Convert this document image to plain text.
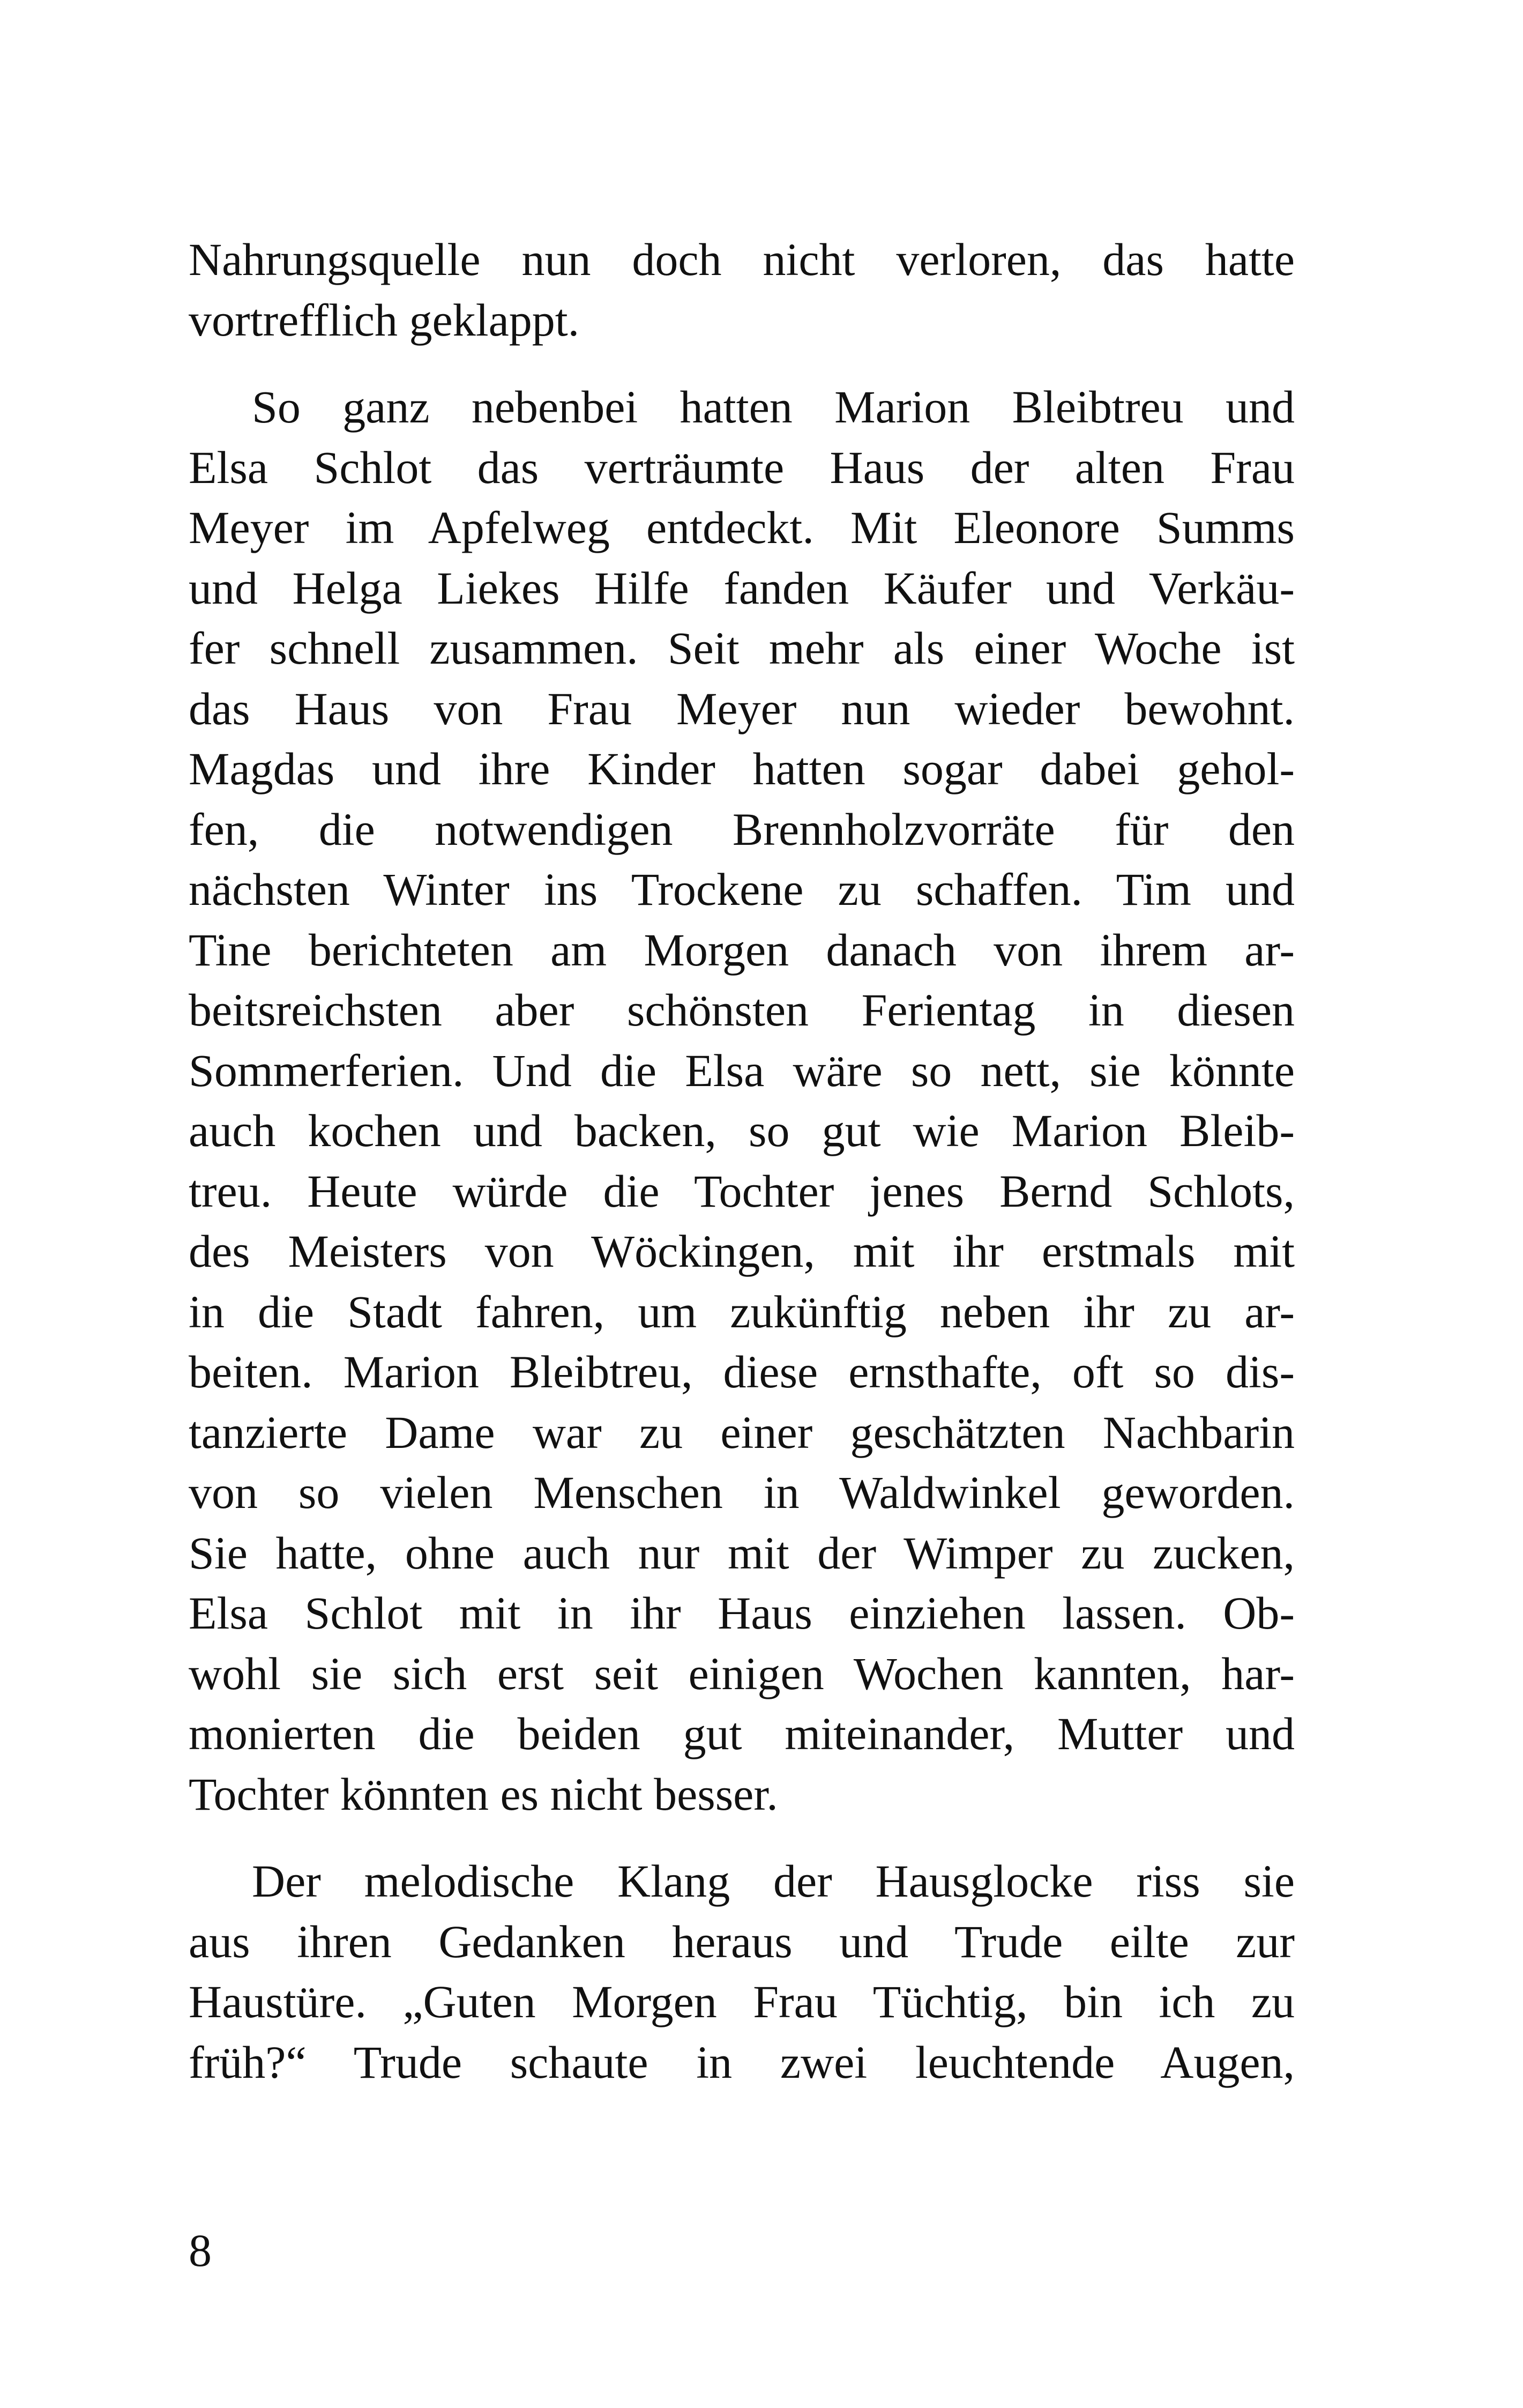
Nahrungsquelle nun doch nicht verloren, das hatte
vortrefflich geklappt.
So ganz nebenbei hatten Marion Bleibtreu und
Elsa Schlot das verträumte Haus der alten Frau
Meyer im Apfelweg entdeckt. Mit Eleonore Summs
und Helga Liekes Hilfe fanden Käufer und Verkäu-
fer schnell zusammen. Seit mehr als einer Woche ist
das Haus von Frau Meyer nun wieder bewohnt.
Magdas und ihre Kinder hatten sogar dabei gehol-
fen, die notwendigen Brennholzvorräte für den
nächsten Winter ins Trockene zu schaffen. Tim und
Tine berichteten am Morgen danach von ihrem ar-
beitsreichsten aber schönsten Ferientag in diesen
Sommerferien. Und die Elsa wäre so nett, sie könnte
auch kochen und backen, so gut wie Marion Bleib-
treu. Heute würde die Tochter jenes Bernd Schlots,
des Meisters von Wöckingen, mit ihr erstmals mit
in die Stadt fahren, um zukünftig neben ihr zu ar-
beiten. Marion Bleibtreu, diese ernsthafte, oft so dis-
tanzierte Dame war zu einer geschätzten Nachbarin
von so vielen Menschen in Waldwinkel geworden.
Sie hatte, ohne auch nur mit der Wimper zu zucken,
Elsa Schlot mit in ihr Haus einziehen lassen. Ob-
wohl sie sich erst seit einigen Wochen kannten, har-
monierten die beiden gut miteinander, Mutter und
Tochter könnten es nicht besser.
Der melodische Klang der Hausglocke riss sie
aus ihren Gedanken heraus und Trude eilte zur
Haustüre. „Guten Morgen Frau Tüchtig, bin ich zu
früh?“ Trude schaute in zwei leuchtende Augen,
8
